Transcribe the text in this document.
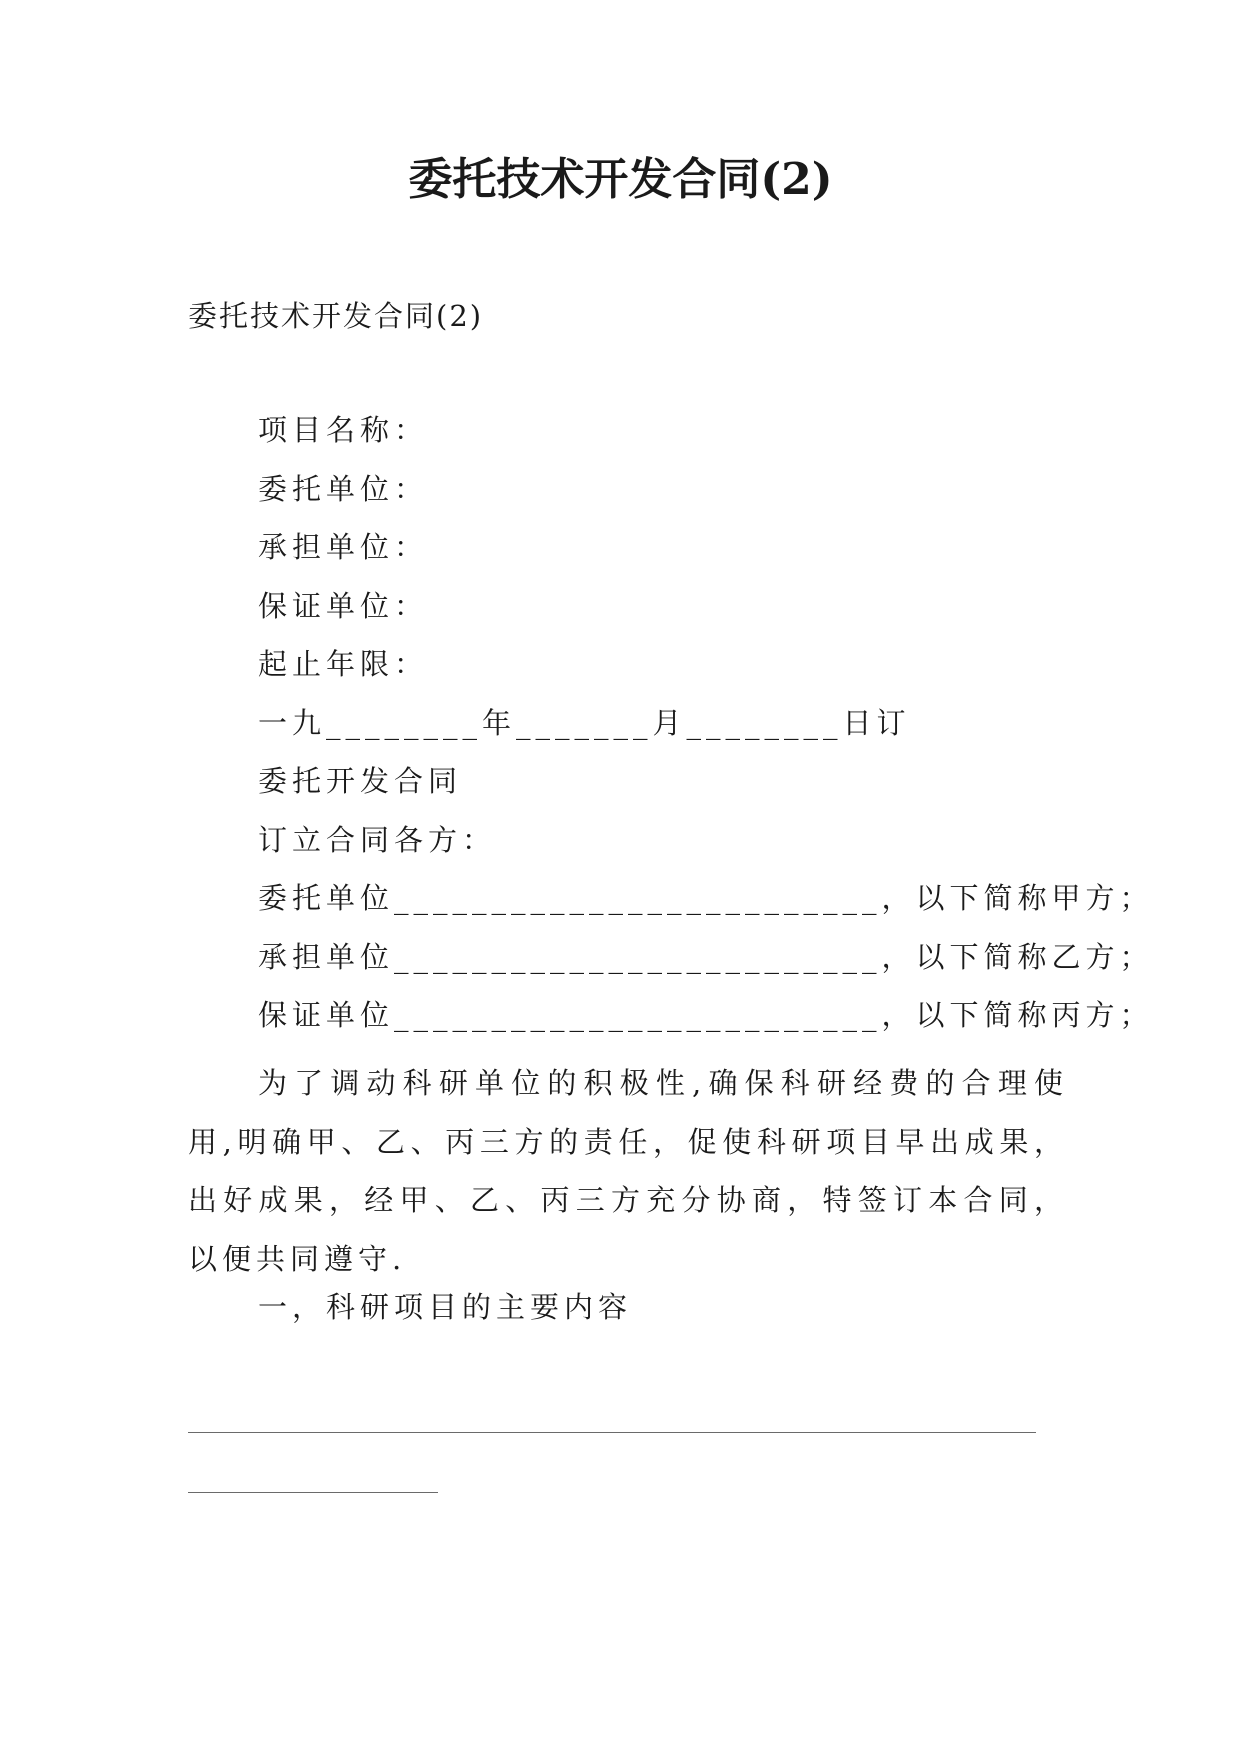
委托技术开发合同(2)

委托技术开发合同(2)

项目名称：
委托单位：
承担单位：
保证单位：
起止年限：
一九________年_______月________日订
委托开发合同
订立合同各方：
委托单位_________________________，以下简称甲方；
承担单位_________________________，以下简称乙方；
保证单位_________________________，以下简称丙方；

为了调动科研单位的积极性,确保科研经费的合理使用,明确甲、乙、丙三方的责任，促使科研项目早出成果，出好成果，经甲、乙、丙三方充分协商，特签订本合同，以便共同遵守.

一，科研项目的主要内容
